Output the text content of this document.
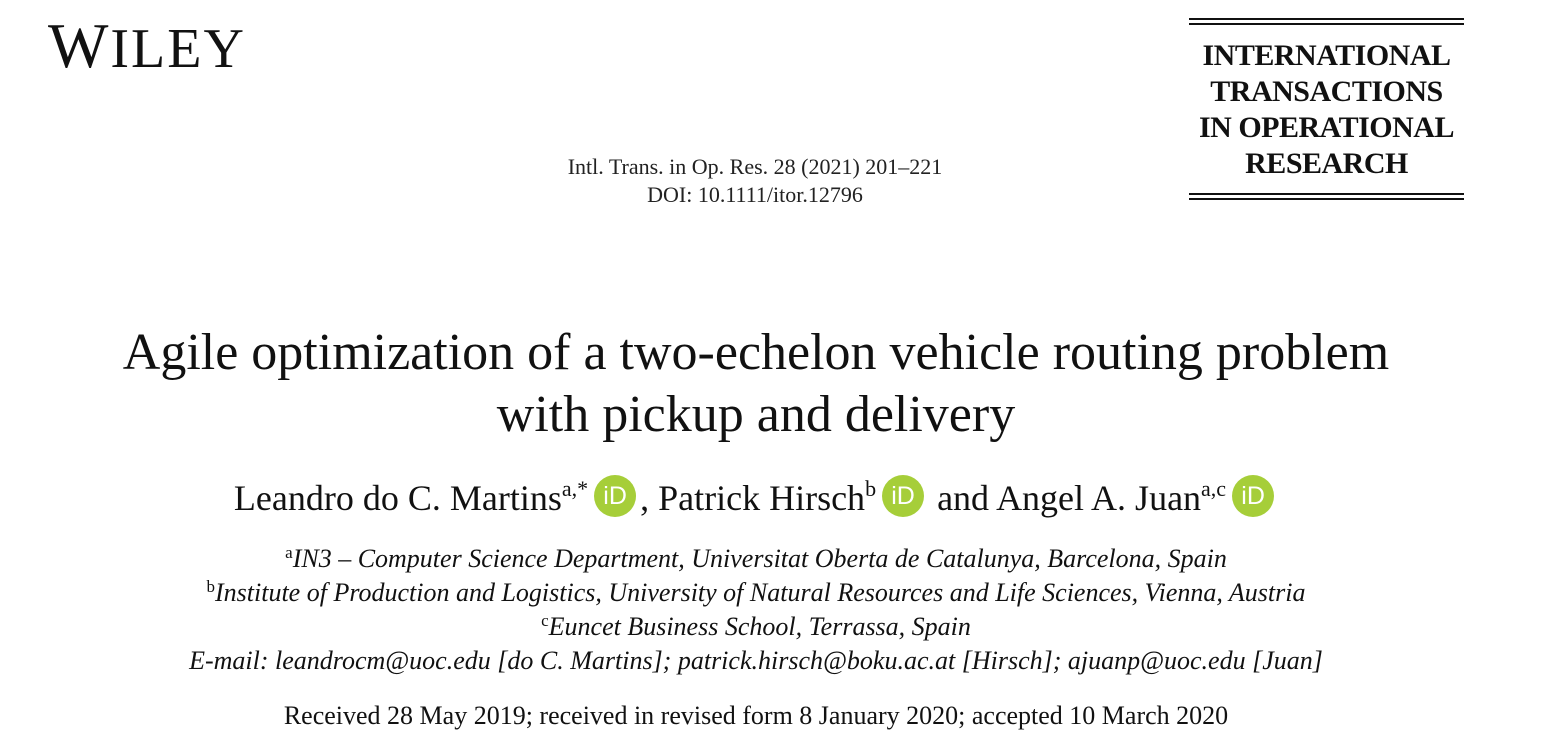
WILEY
Intl. Trans. in Op. Res. 28 (2021) 201–221
DOI: 10.1111/itor.12796
INTERNATIONAL
TRANSACTIONS
IN OPERATIONAL
RESEARCH
Agile optimization of a two-echelon vehicle routing problem
with pickup and delivery
Leandro do C. Martins$^{a,*}$ iD , Patrick Hirsch$^b$ iD and Angel A. Juan$^{a,c}$ iD
$^a$IN3 – Computer Science Department, Universitat Oberta de Catalunya, Barcelona, Spain
$^b$Institute of Production and Logistics, University of Natural Resources and Life Sciences, Vienna, Austria
$^c$Euncet Business School, Terrassa, Spain
E-mail: leandrocm@uoc.edu [do C. Martins]; patrick.hirsch@boku.ac.at [Hirsch]; ajuanp@uoc.edu [Juan]
Received 28 May 2019; received in revised form 8 January 2020; accepted 10 March 2020
